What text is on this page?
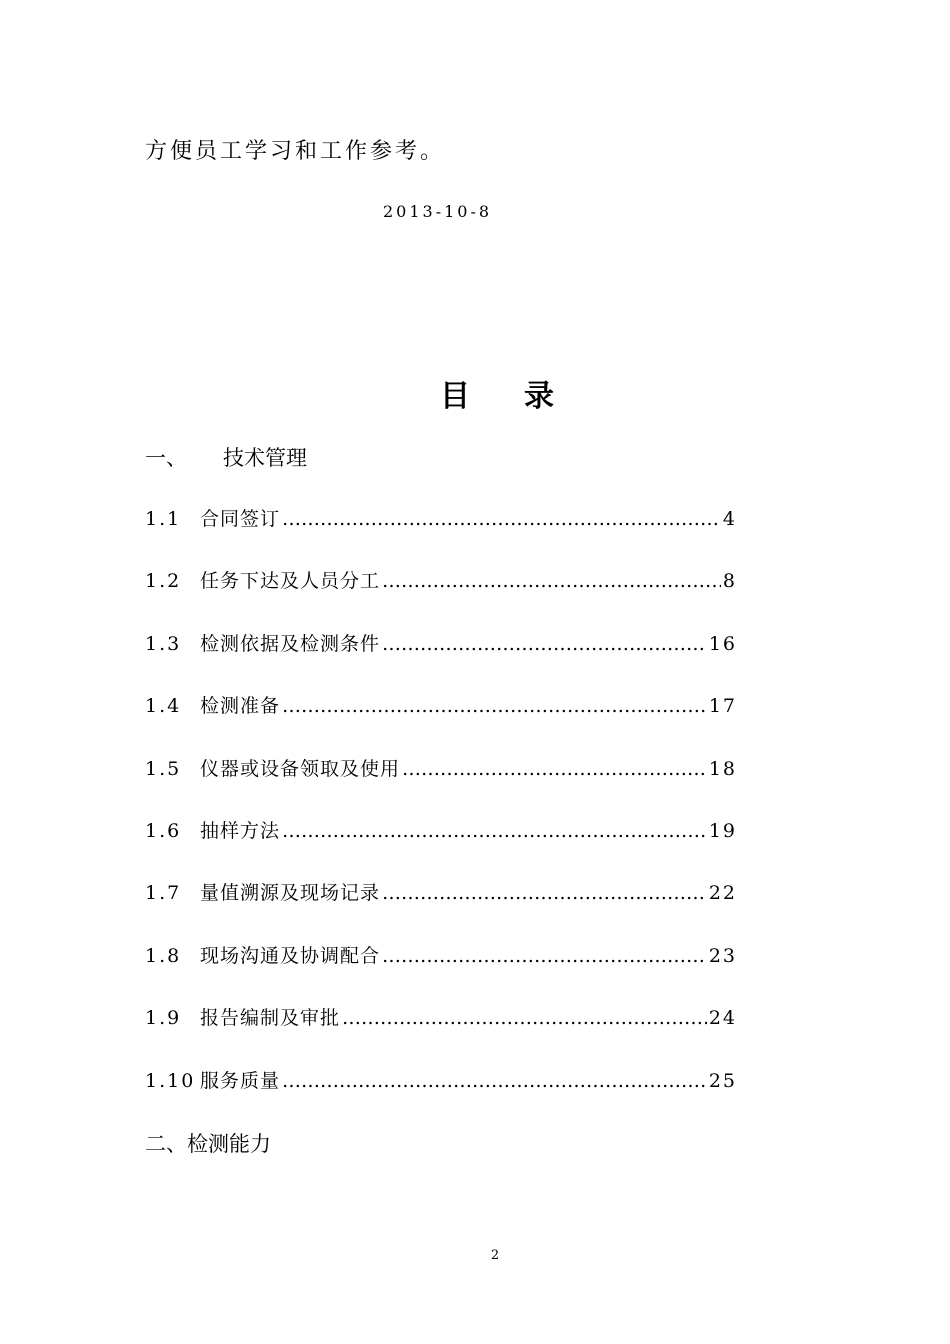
方便员工学习和工作参考。
2013-10-8
目 录
一、 技术管理
1.1 合同签订 …………………………………………………………………………………………………………………………………………	4
1.2 任务下达及人员分工 …………………………………………………………………………………………………………………………………………	8
1.3 检测依据及检测条件 …………………………………………………………………………………………………………………………………………	16
1.4 检测准备 …………………………………………………………………………………………………………………………………………	17
1.5 仪器或设备领取及使用 …………………………………………………………………………………………………………………………………………	18
1.6 抽样方法 …………………………………………………………………………………………………………………………………………	19
1.7 量值溯源及现场记录 …………………………………………………………………………………………………………………………………………	22
1.8 现场沟通及协调配合 …………………………………………………………………………………………………………………………………………	23
1.9 报告编制及审批 …………………………………………………………………………………………………………………………………………	24
1.10 服务质量 …………………………………………………………………………………………………………………………………………	25
二、检测能力
2
